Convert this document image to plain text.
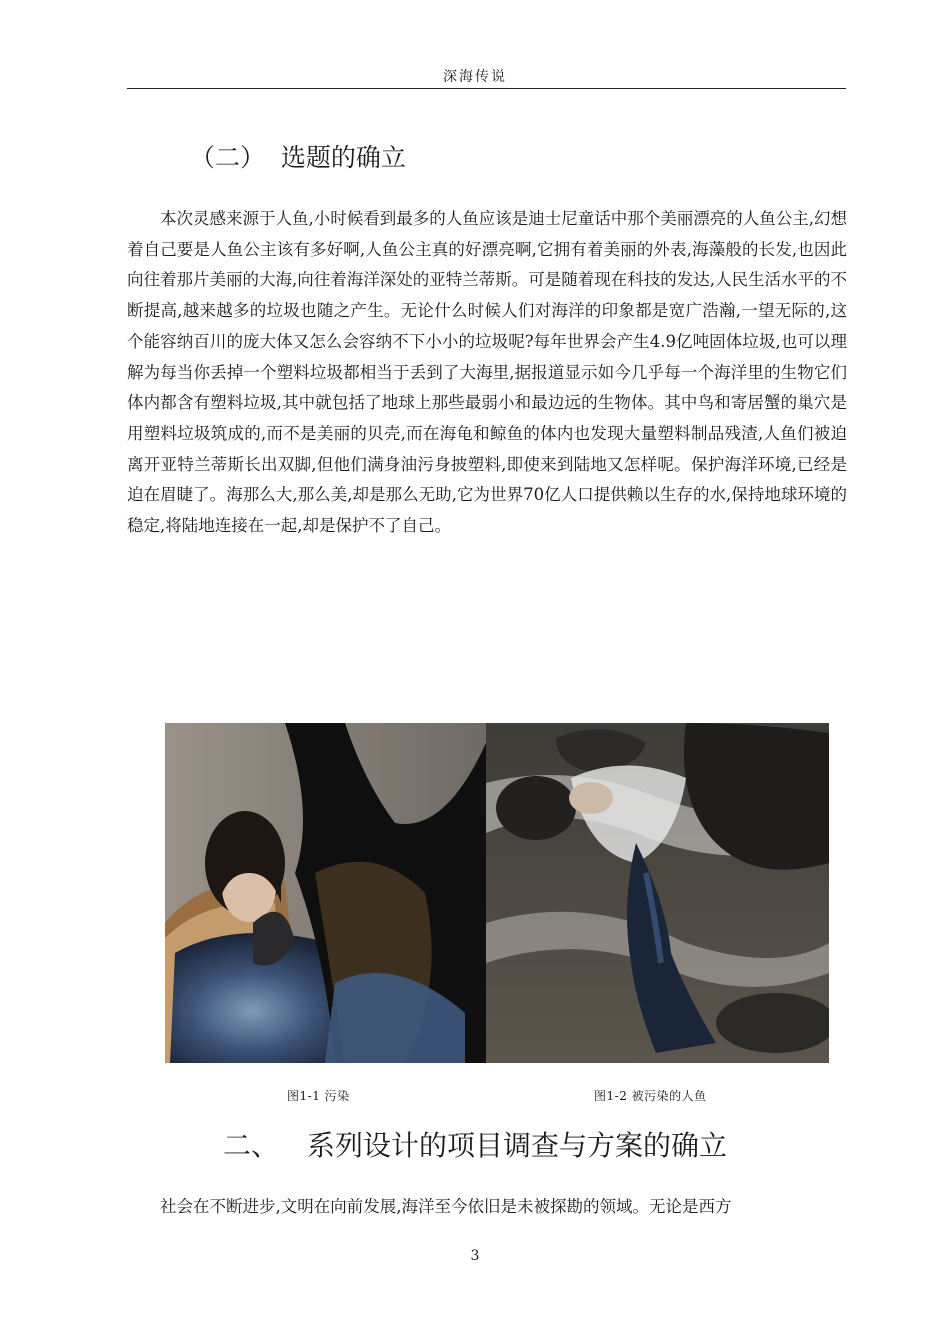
深海传说
（二）  选题的确立

本次灵感来源于人鱼,小时候看到最多的人鱼应该是迪士尼童话中那个美丽漂亮的人鱼公主,幻想着自己要是人鱼公主该有多好啊,人鱼公主真的好漂亮啊,它拥有着美丽的外表,海藻般的长发,也因此向往着那片美丽的大海,向往着海洋深处的亚特兰蒂斯。可是随着现在科技的发达,人民生活水平的不断提高,越来越多的垃圾也随之产生。无论什么时候人们对海洋的印象都是宽广浩瀚,一望无际的,这个能容纳百川的庞大体又怎么会容纳不下小小的垃圾呢?每年世界会产生4.9亿吨固体垃圾,也可以理解为每当你丢掉一个塑料垃圾都相当于丢到了大海里,据报道显示如今几乎每一个海洋里的生物它们体内都含有塑料垃圾,其中就包括了地球上那些最弱小和最边远的生物体。其中鸟和寄居蟹的巢穴是用塑料垃圾筑成的,而不是美丽的贝壳,而在海龟和鲸鱼的体内也发现大量塑料制品残渣,人鱼们被迫离开亚特兰蒂斯长出双脚,但他们满身油污身披塑料,即使来到陆地又怎样呢。保护海洋环境,已经是迫在眉睫了。海那么大,那么美,却是那么无助,它为世界70亿人口提供赖以生存的水,保持地球环境的稳定,将陆地连接在一起,却是保护不了自己。

图1-1 污染	图1-2 被污染的人鱼
二、 系列设计的项目调查与方案的确立

社会在不断进步,文明在向前发展,海洋至今依旧是未被探勘的领域。无论是西方

3
